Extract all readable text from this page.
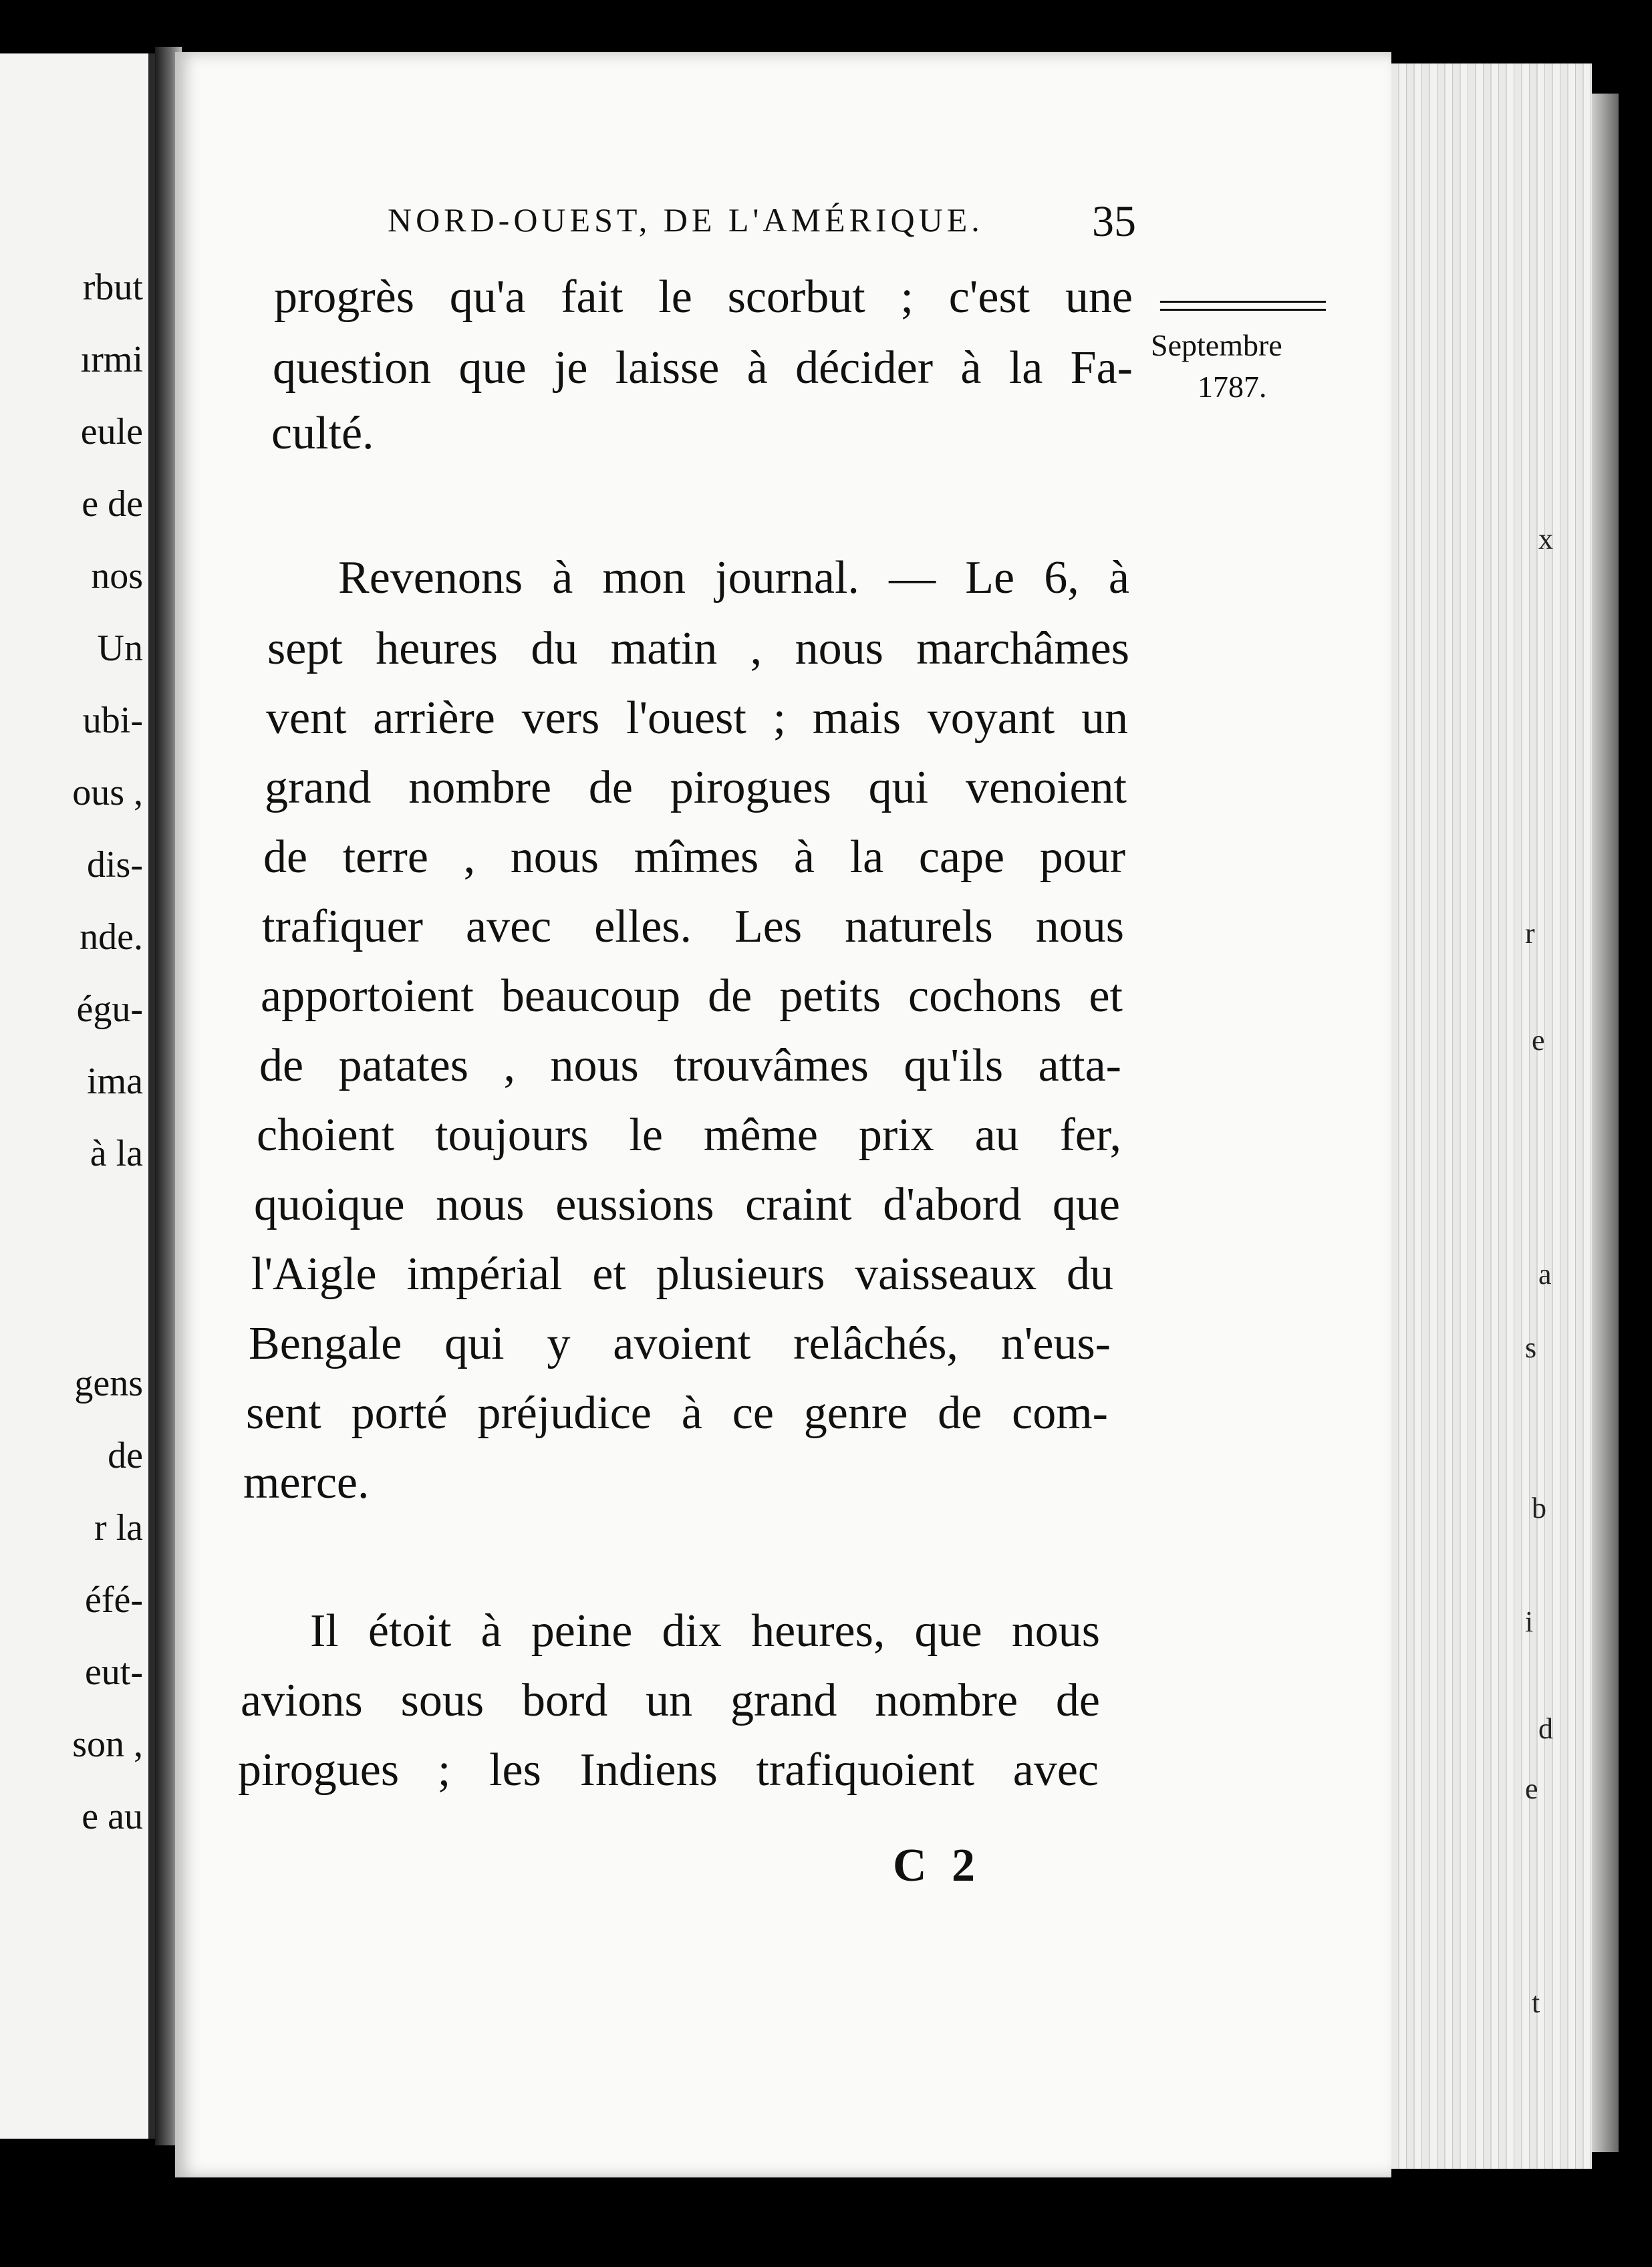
rbut
ırmi
eule
e de
nos
Un
ubi-
ous ,
dis-
nde.
égu-
ima
à la
gens
de
r la
éfé-
eut-
son ,
e au
x
r
e
a
s
b
i
d
e
t
NORD-OUEST, DE L'AMÉRIQUE. 35
Septembre
1787.
progrès qu'a fait le scorbut ; c'est une
question que je laisse à décider à la Fa-
culté.
Revenons à mon journal. — Le 6, à
sept heures du matin , nous marchâmes
vent arrière vers l'ouest ; mais voyant un
grand nombre de pirogues qui venoient
de terre , nous mîmes à la cape pour
trafiquer avec elles. Les naturels nous
apportoient beaucoup de petits cochons et
de patates , nous trouvâmes qu'ils atta-
choient toujours le même prix au fer,
quoique nous eussions craint d'abord que
l'Aigle impérial et plusieurs vaisseaux du
Bengale qui y avoient relâchés, n'eus-
sent porté préjudice à ce genre de com-
merce.
Il étoit à peine dix heures, que nous
avions sous bord un grand nombre de
pirogues ; les Indiens trafiquoient avec
C 2
